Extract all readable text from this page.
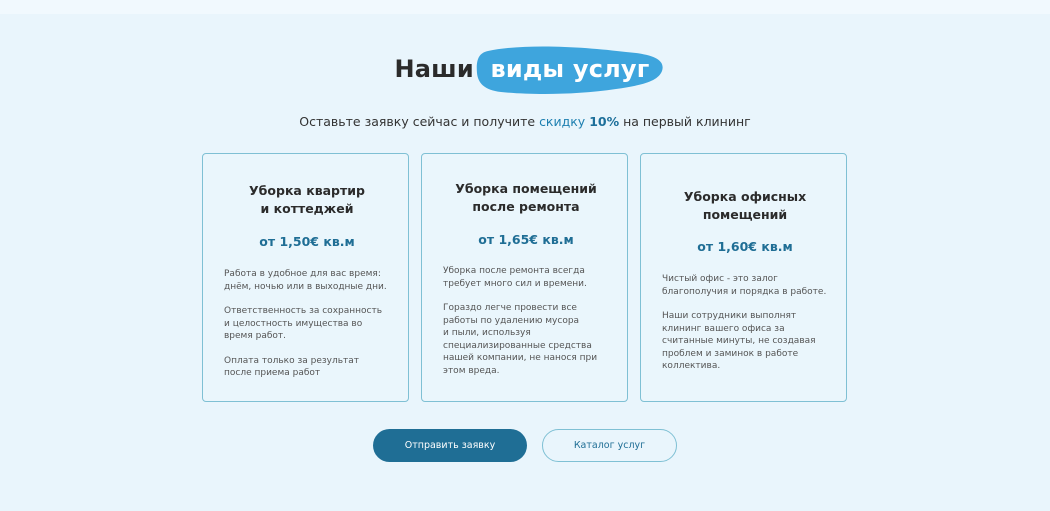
Наши виды услуг
Оставьте заявку сейчас и получите скидку 10% на первый клининг
Уборка квартир
и коттеджей
от 1,50€ кв.м

Работа в удобное для вас время:
днём, ночью или в выходные дни.

Ответственность за сохранность
и целостность имущества во
время работ.

Оплата только за результат
после приема работ

Уборка помещений
после ремонта
от 1,65€ кв.м

Уборка после ремонта всегда
требует много сил и времени.

Гораздо легче провести все
работы по удалению мусора
и пыли, используя
специализированные средства
нашей компании, не нанося при
этом вреда.

Уборка офисных
помещений
от 1,60€ кв.м

Чистый офис - это залог
благополучия и порядка в работе.

Наши сотрудники выполнят
клининг вашего офиса за
считанные минуты, не создавая
проблем и заминок в работе
коллектива.

Отправить заявку	Каталог услуг
